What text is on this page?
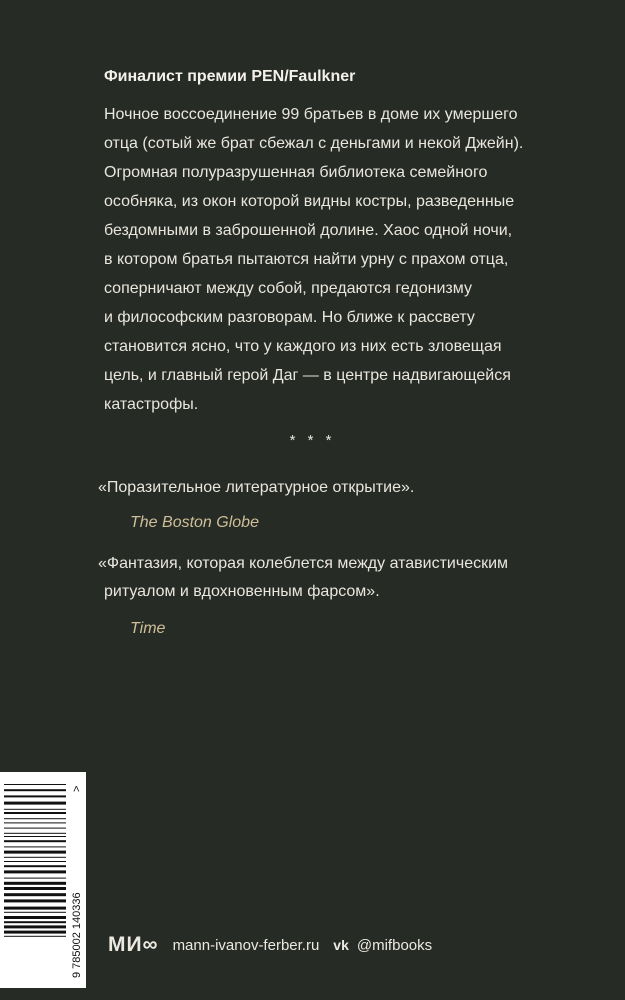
Финалист премии PEN/Faulkner
Ночное воссоединение 99 братьев в доме их умершего
отца (сотый же брат сбежал с деньгами и некой Джейн).
Огромная полуразрушенная библиотека семейного
особняка, из окон которой видны костры, разведенные
бездомными в заброшенной долине. Хаос одной ночи,
в котором братья пытаются найти урну с прахом отца,
соперничают между собой, предаются гедонизму
и философским разговорам. Но ближе к рассвету
становится ясно, что у каждого из них есть зловещая
цель, и главный герой Даг — в центре надвигающейся
катастрофы.
* * *
«Поразительное литературное открытие».
The Boston Globe
«Фантазия, которая колеблется между атавистическим
ритуалом и вдохновенным фарсом».
Time
9 785002 140336
>
МИ∞ mann-ivanov-ferber.ru vk @mifbooks
